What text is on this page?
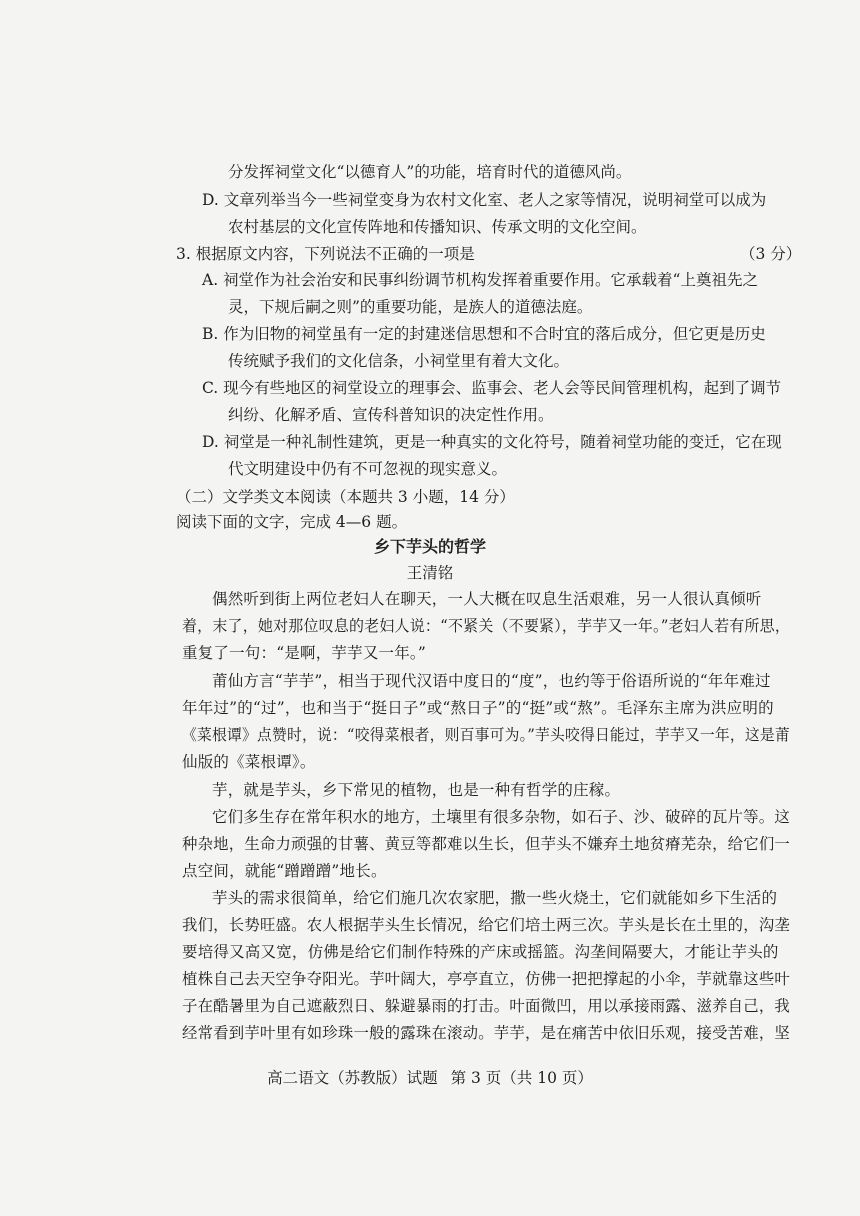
分发挥祠堂文化“以德育人”的功能，培育时代的道德风尚。
D. 文章列举当今一些祠堂变身为农村文化室、老人之家等情况，说明祠堂可以成为
农村基层的文化宣传阵地和传播知识、传承文明的文化空间。
3. 根据原文内容，下列说法不正确的一项是	（3 分）
A. 祠堂作为社会治安和民事纠纷调节机构发挥着重要作用。它承载着“上奠祖先之
灵，下规后嗣之则”的重要功能，是族人的道德法庭。
B. 作为旧物的祠堂虽有一定的封建迷信思想和不合时宜的落后成分，但它更是历史
传统赋予我们的文化信条，小祠堂里有着大文化。
C. 现今有些地区的祠堂设立的理事会、监事会、老人会等民间管理机构，起到了调节
纠纷、化解矛盾、宣传科普知识的决定性作用。
D. 祠堂是一种礼制性建筑，更是一种真实的文化符号，随着祠堂功能的变迁，它在现
代文明建设中仍有不可忽视的现实意义。
（二）文学类文本阅读（本题共 3 小题，14 分）
阅读下面的文字，完成 4—6 题。
乡下芋头的哲学
王清铭
偶然听到街上两位老妇人在聊天，一人大概在叹息生活艰难，另一人很认真倾听
着，末了，她对那位叹息的老妇人说：“不紧关（不要紧），芋芋又一年。”老妇人若有所思，
重复了一句：“是啊，芋芋又一年。”
莆仙方言“芋芋”，相当于现代汉语中度日的“度”，也约等于俗语所说的“年年难过
年年过”的“过”，也和当于“挺日子”或“熬日子”的“挺”或“熬”。毛泽东主席为洪应明的
《菜根谭》点赞时，说：“咬得菜根者，则百事可为。”芋头咬得日能过，芋芋又一年，这是莆
仙版的《菜根谭》。
芋，就是芋头，乡下常见的植物，也是一种有哲学的庄稼。
它们多生存在常年积水的地方，土壤里有很多杂物，如石子、沙、破碎的瓦片等。这
种杂地，生命力顽强的甘薯、黄豆等都难以生长，但芋头不嫌弃土地贫瘠芜杂，给它们一
点空间，就能“蹭蹭蹭”地长。
芋头的需求很简单，给它们施几次农家肥，撒一些火烧土，它们就能如乡下生活的
我们，长势旺盛。农人根据芋头生长情况，给它们培土两三次。芋头是长在土里的，沟垄
要培得又高又宽，仿佛是给它们制作特殊的产床或摇篮。沟垄间隔要大，才能让芋头的
植株自己去天空争夺阳光。芋叶阔大，亭亭直立，仿佛一把把撑起的小伞，芋就靠这些叶
子在酷暑里为自己遮蔽烈日、躲避暴雨的打击。叶面微凹，用以承接雨露、滋养自己，我
经常看到芋叶里有如珍珠一般的露珠在滚动。芋芋，是在痛苦中依旧乐观，接受苦难，坚
高二语文（苏教版）试题 第 3 页（共 10 页）
